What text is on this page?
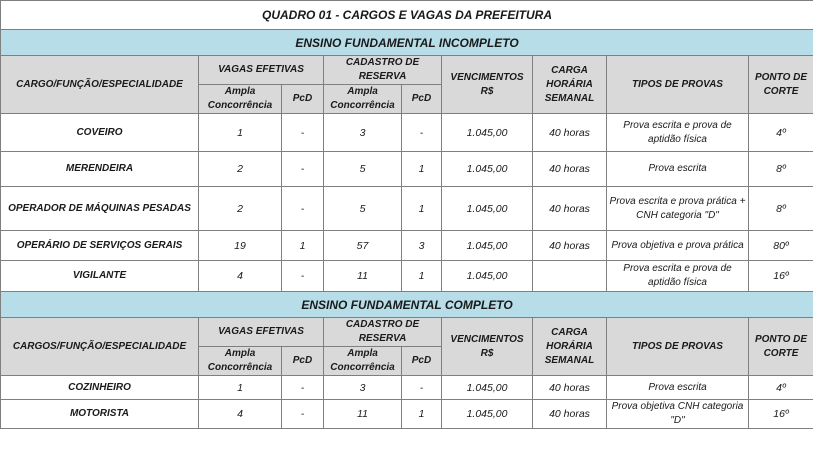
QUADRO 01 - CARGOS E VAGAS DA PREFEITURA								
ENSINO FUNDAMENTAL INCOMPLETO								
CARGO/FUNÇÃO/ESPECIALIDADE	VAGAS EFETIVAS		CADASTRO DE RESERVA		VENCIMENTOS R$	CARGA HORÁRIA SEMANAL	TIPOS DE PROVAS	PONTO DE CORTE
	Ampla Concorrência	PcD	Ampla Concorrência	PcD				
COVEIRO	1	-	3	-	1.045,00	40 horas	Prova escrita e prova de aptidão física	4º
MERENDEIRA	2	-	5	1	1.045,00	40 horas	Prova escrita	8º
OPERADOR DE MÁQUINAS PESADAS	2	-	5	1	1.045,00	40 horas	Prova escrita e prova prática + CNH categoria "D"	8º
OPERÁRIO DE SERVIÇOS GERAIS	19	1	57	3	1.045,00	40 horas	Prova objetiva e prova prática	80º
VIGILANTE	4	-	11	1	1.045,00		Prova escrita e prova de aptidão física	16º
ENSINO FUNDAMENTAL COMPLETO								
CARGOS/FUNÇÃO/ESPECIALIDADE	VAGAS EFETIVAS		CADASTRO DE RESERVA		VENCIMENTOS R$	CARGA HORÁRIA SEMANAL	TIPOS DE PROVAS	PONTO DE CORTE
	Ampla Concorrência	PcD	Ampla Concorrência	PcD				
COZINHEIRO	1	-	3	-	1.045,00	40 horas	Prova escrita	4º
MOTORISTA	4	-	11	1	1.045,00	40 horas	Prova objetiva CNH categoria "D"	16º
